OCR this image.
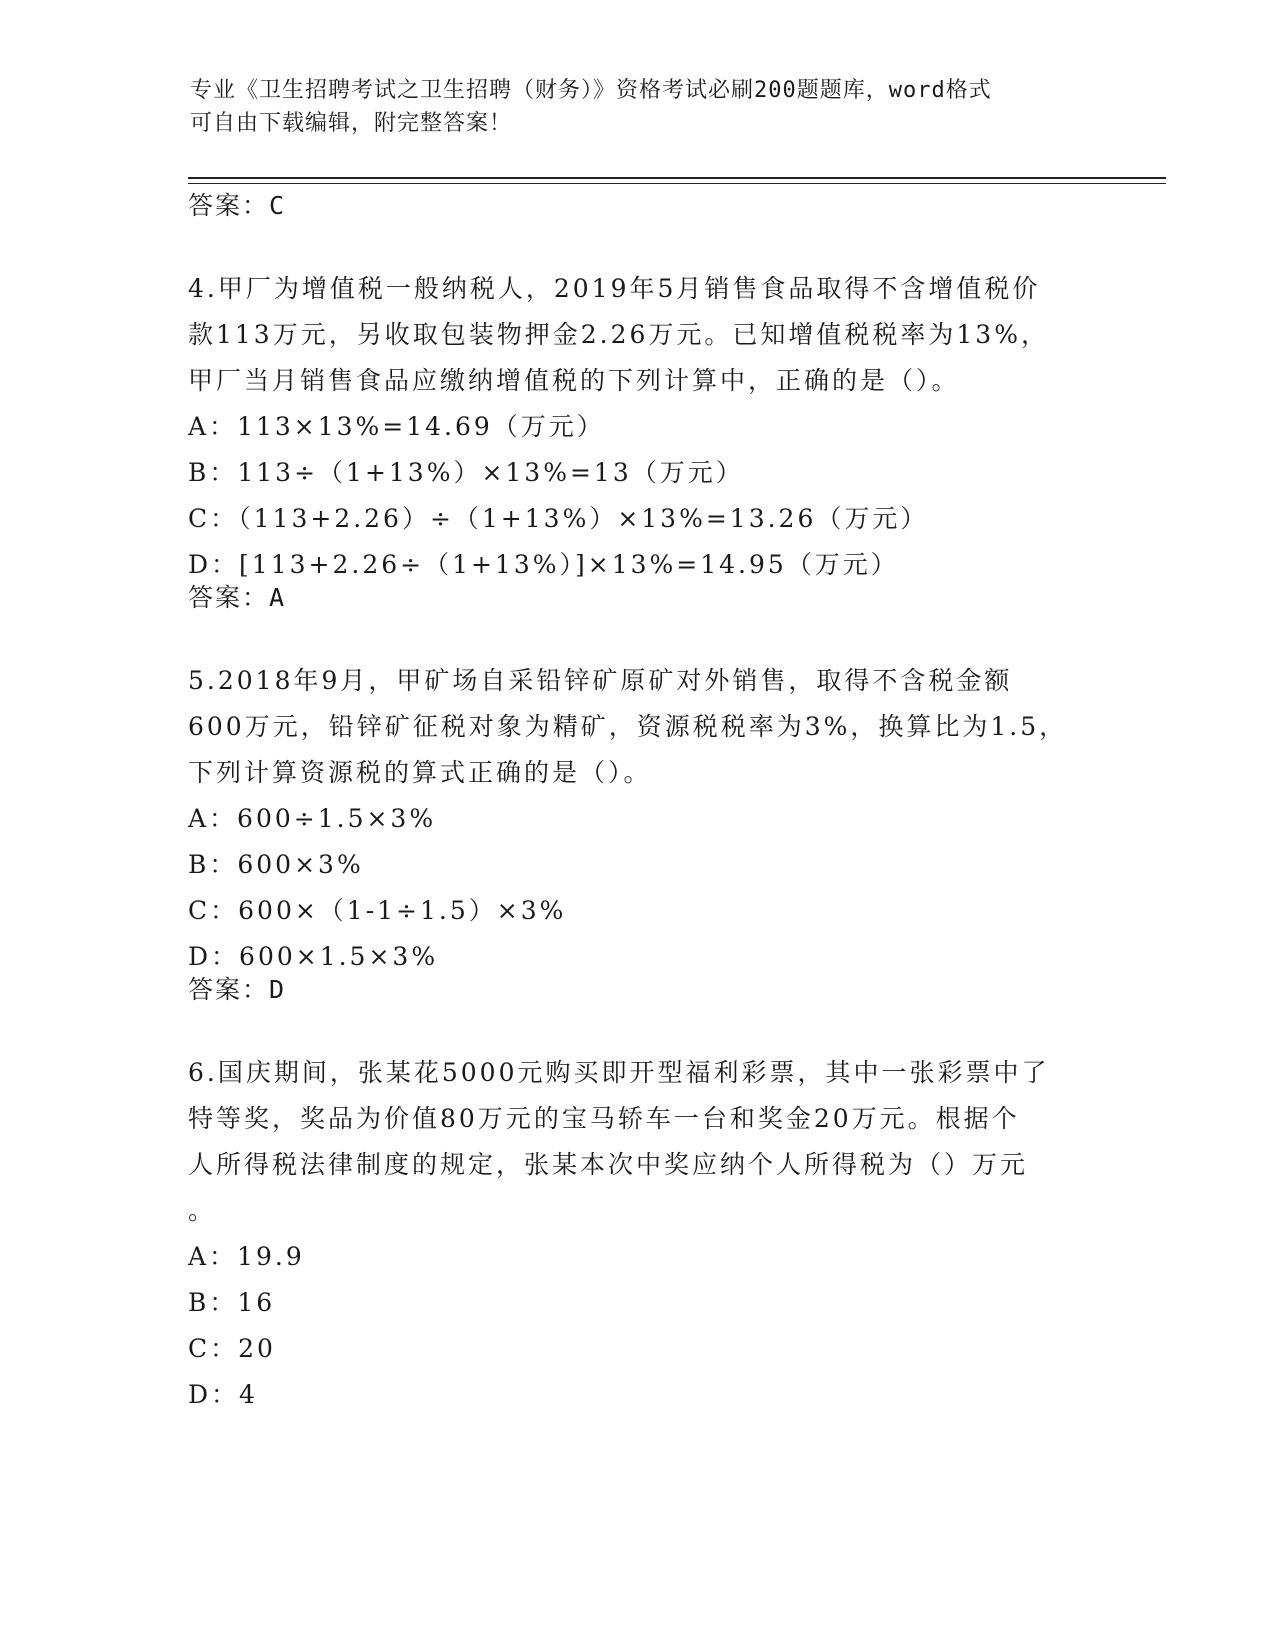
专业《卫生招聘考试之卫生招聘（财务）》资格考试必刷200题题库，word格式
可自由下载编辑，附完整答案！
答案：C
4.甲厂为增值税一般纳税人，2019年5月销售食品取得不含增值税价
款113万元，另收取包装物押金2.26万元。已知增值税税率为13%，
甲厂当月销售食品应缴纳增值税的下列计算中，正确的是（）。
A：113×13%=14.69（万元）
B：113÷（1+13%）×13%=13（万元）
C：（113+2.26）÷（1+13%）×13%=13.26（万元）
D：[113+2.26÷（1+13%）]×13%=14.95（万元）
答案：A
5.2018年9月，甲矿场自采铅锌矿原矿对外销售，取得不含税金额
600万元，铅锌矿征税对象为精矿，资源税税率为3%，换算比为1.5，
下列计算资源税的算式正确的是（）。
A：600÷1.5×3%
B：600×3%
C：600×（1-1÷1.5）×3%
D：600×1.5×3%
答案：D
6.国庆期间，张某花5000元购买即开型福利彩票，其中一张彩票中了
特等奖，奖品为价值80万元的宝马轿车一台和奖金20万元。根据个
人所得税法律制度的规定，张某本次中奖应纳个人所得税为（）万元
。
A：19.9
B：16
C：20
D：4
